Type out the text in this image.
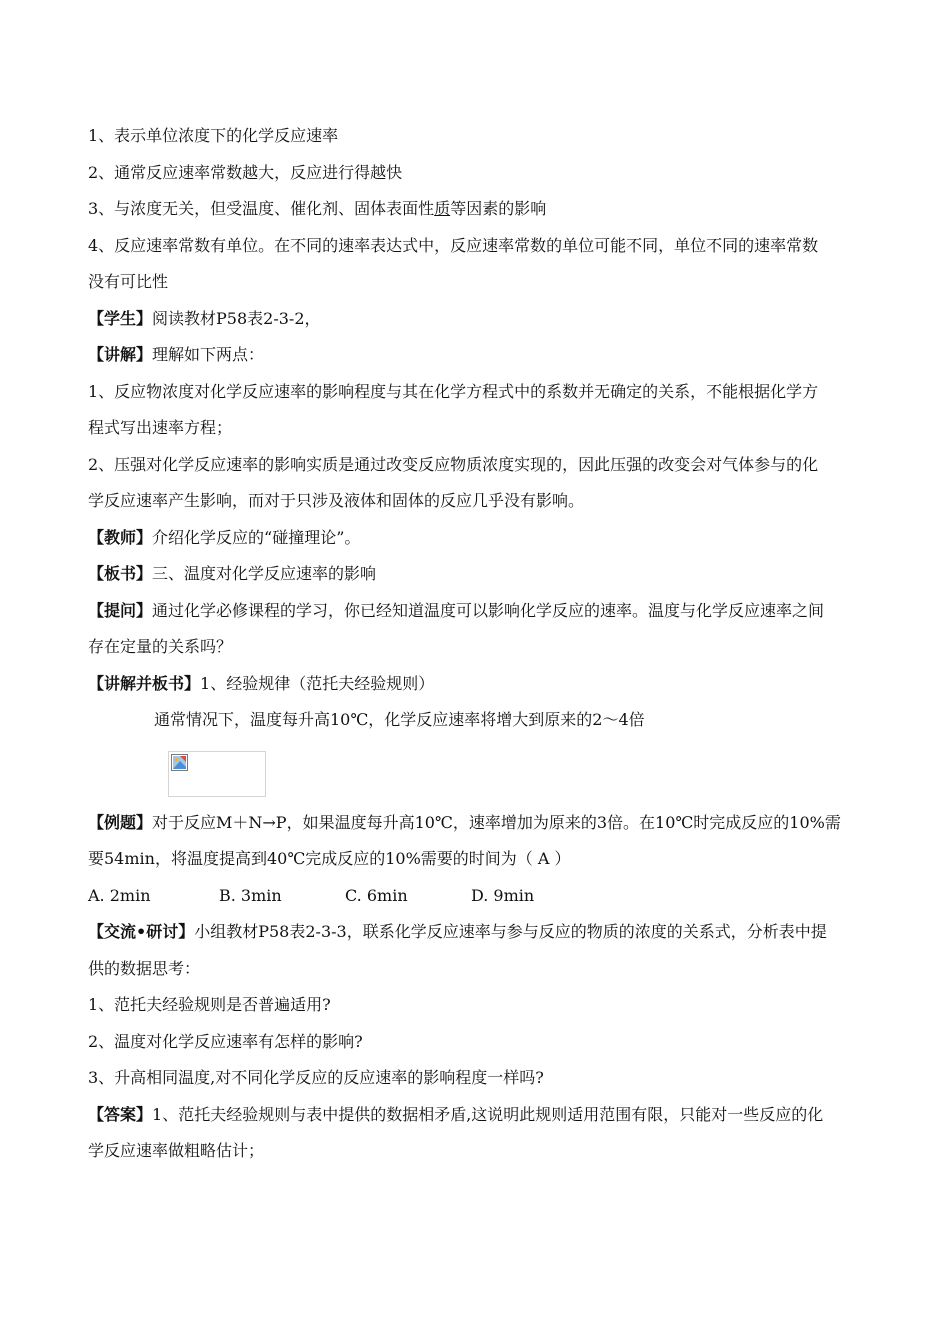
1、表示单位浓度下的化学反应速率
2、通常反应速率常数越大，反应进行得越快
3、与浓度无关，但受温度、催化剂、固体表面性质等因素的影响
4、反应速率常数有单位。在不同的速率表达式中，反应速率常数的单位可能不同，单位不同的速率常数
没有可比性
【学生】阅读教材P58表2-3-2，
【讲解】理解如下两点：
1、反应物浓度对化学反应速率的影响程度与其在化学方程式中的系数并无确定的关系，不能根据化学方
程式写出速率方程；
2、压强对化学反应速率的影响实质是通过改变反应物质浓度实现的，因此压强的改变会对气体参与的化
学反应速率产生影响，而对于只涉及液体和固体的反应几乎没有影响。
【教师】介绍化学反应的“碰撞理论”。
【板书】三、温度对化学反应速率的影响
【提问】通过化学必修课程的学习，你已经知道温度可以影响化学反应的速率。温度与化学反应速率之间
存在定量的关系吗？
【讲解并板书】1、经验规律（范托夫经验规则）
通常情况下，温度每升高10℃，化学反应速率将增大到原来的2～4倍
【例题】对于反应M＋N→P，如果温度每升高10℃，速率增加为原来的3倍。在10℃时完成反应的10%需
要54min，将温度提高到40℃完成反应的10%需要的时间为（ A ）
A. 2min	B. 3min	C. 6min	D. 9min
【交流•研讨】小组教材P58表2-3-3，联系化学反应速率与参与反应的物质的浓度的关系式，分析表中提
供的数据思考：
1、范托夫经验规则是否普遍适用?
2、温度对化学反应速率有怎样的影响?
3、升高相同温度,对不同化学反应的反应速率的影响程度一样吗?
【答案】1、范托夫经验规则与表中提供的数据相矛盾,这说明此规则适用范围有限，只能对一些反应的化
学反应速率做粗略估计；
